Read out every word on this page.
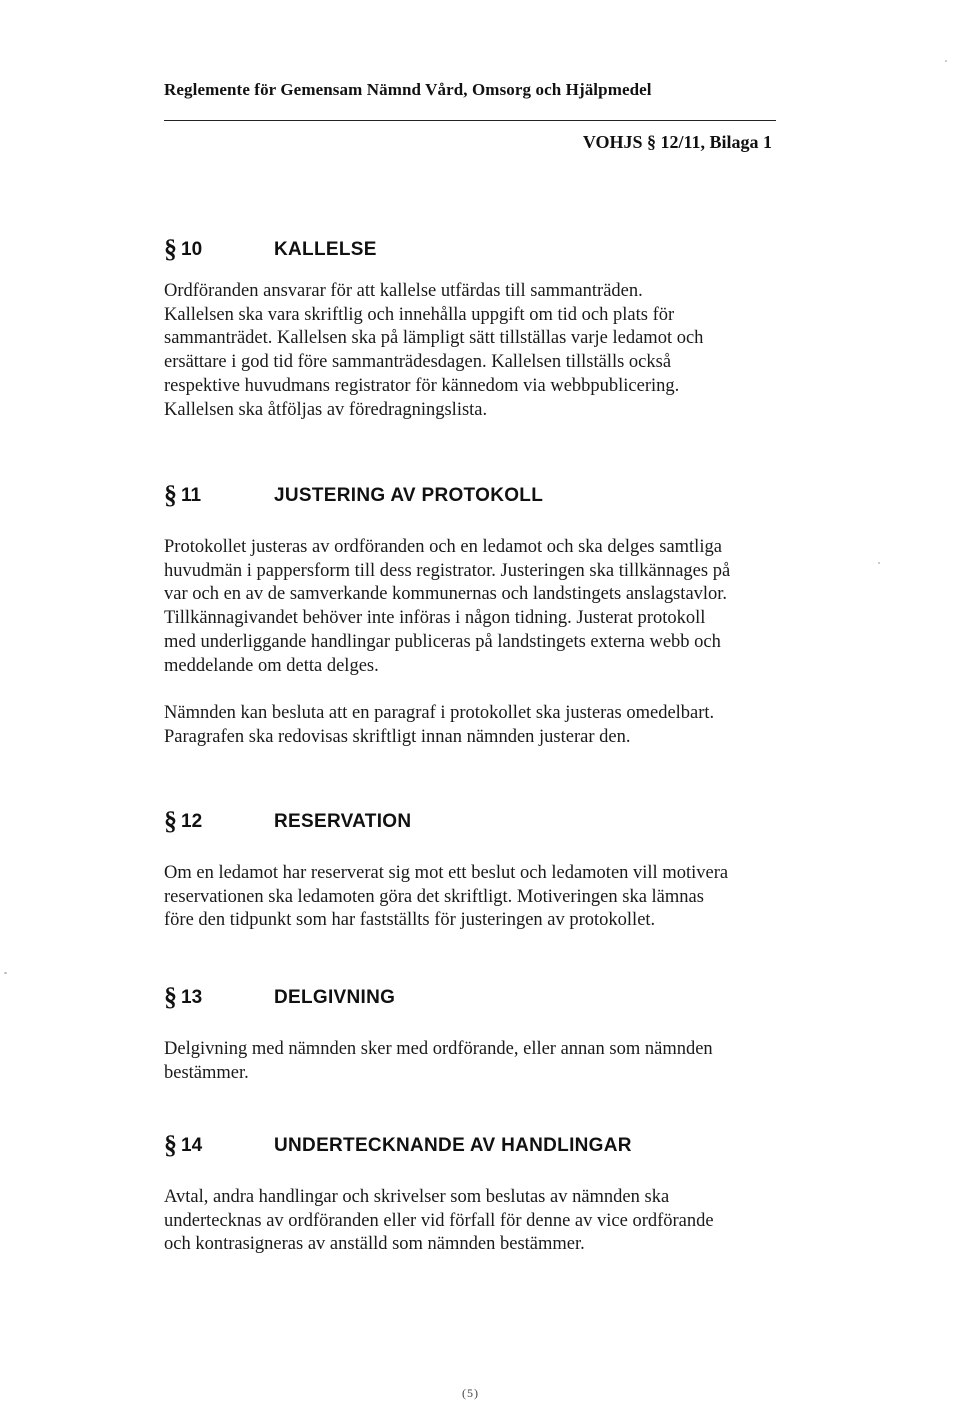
Reglemente för Gemensam Nämnd Vård, Omsorg och Hjälpmedel
VOHJS § 12/11, Bilaga 1
§ 10	KALLELSE

Ordföranden ansvarar för att kallelse utfärdas till sammanträden.
Kallelsen ska vara skriftlig och innehålla uppgift om tid och plats för
sammanträdet. Kallelsen ska på lämpligt sätt tillställas varje ledamot och
ersättare i god tid före sammanträdesdagen. Kallelsen tillställs också
respektive huvudmans registrator för kännedom via webbpublicering.
Kallelsen ska åtföljas av föredragningslista.

§ 11	JUSTERING AV PROTOKOLL

Protokollet justeras av ordföranden och en ledamot och ska delges samtliga
huvudmän i pappersform till dess registrator. Justeringen ska tillkännages på
var och en av de samverkande kommunernas och landstingets anslagstavlor.
Tillkännagivandet behöver inte införas i någon tidning. Justerat protokoll
med underliggande handlingar publiceras på landstingets externa webb och
meddelande om detta delges.

Nämnden kan besluta att en paragraf i protokollet ska justeras omedelbart.
Paragrafen ska redovisas skriftligt innan nämnden justerar den.

§ 12	RESERVATION

Om en ledamot har reserverat sig mot ett beslut och ledamoten vill motivera
reservationen ska ledamoten göra det skriftligt. Motiveringen ska lämnas
före den tidpunkt som har fastställts för justeringen av protokollet.

§ 13	DELGIVNING

Delgivning med nämnden sker med ordförande, eller annan som nämnden
bestämmer.

§ 14	UNDERTECKNANDE AV HANDLINGAR

Avtal, andra handlingar och skrivelser som beslutas av nämnden ska
undertecknas av ordföranden eller vid förfall för denne av vice ordförande
och kontrasigneras av anställd som nämnden bestämmer.

(5)
